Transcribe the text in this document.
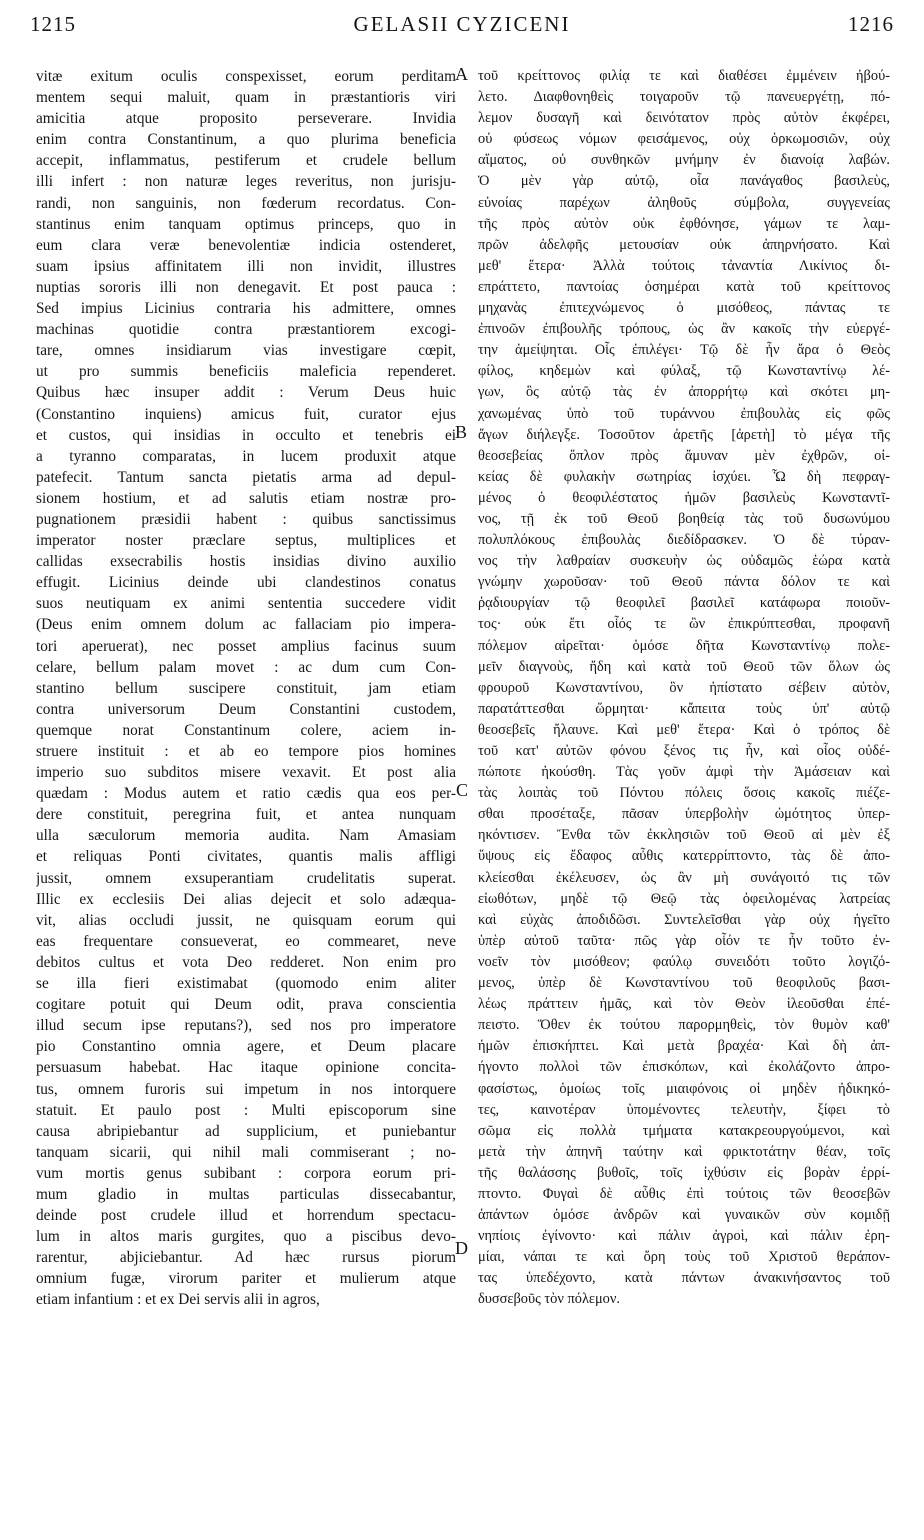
1215	GELASII CYZICENI	1216
vitæ exitum oculis conspexisset, eorum perditam
mentem sequi maluit, quam in præstantioris viri
amicitia atque proposito perseverare. Invidia
enim contra Constantinum, a quo plurima beneficia
accepit, inflammatus, pestiferum et crudele bellum
illi infert : non naturæ leges reveritus, non jurisju-
randi, non sanguinis, non fœderum recordatus. Con-
stantinus enim tanquam optimus princeps, quo in
eum clara veræ benevolentiæ indicia ostenderet,
suam ipsius affinitatem illi non invidit, illustres
nuptias sororis illi non denegavit. Et post pauca :
Sed impius Licinius contraria his admittere, omnes
machinas quotidie contra præstantiorem excogi-
tare, omnes insidiarum vias investigare cœpit,
ut pro summis beneficiis maleficia rependeret.
Quibus hæc insuper addit : Verum Deus huic
(Constantino inquiens) amicus fuit, curator ejus
et custos, qui insidias in occulto et tenebris ei
a tyranno comparatas, in lucem produxit atque
patefecit. Tantum sancta pietatis arma ad depul-
sionem hostium, et ad salutis etiam nostræ pro-
pugnationem præsidii habent : quibus sanctissimus
imperator noster præclare septus, multiplices et
callidas exsecrabilis hostis insidias divino auxilio
effugit. Licinius deinde ubi clandestinos conatus
suos neutiquam ex animi sententia succedere vidit
(Deus enim omnem dolum ac fallaciam pio impera-
tori aperuerat), nec posset amplius facinus suum
celare, bellum palam movet : ac dum cum Con-
stantino bellum suscipere constituit, jam etiam
contra universorum Deum Constantini custodem,
quemque norat Constantinum colere, aciem in-
struere instituit : et ab eo tempore pios homines
imperio suo subditos misere vexavit. Et post alia
quædam : Modus autem et ratio cædis qua eos per-
dere constituit, peregrina fuit, et antea nunquam
ulla sæculorum memoria audita. Nam Amasiam
et reliquas Ponti civitates, quantis malis affligi
jussit, omnem exsuperantiam crudelitatis superat.
Illic ex ecclesiis Dei alias dejecit et solo adæqua-
vit, alias occludi jussit, ne quisquam eorum qui
eas frequentare consueverat, eo commearet, neve
debitos cultus et vota Deo redderet. Non enim pro
se illa fieri existimabat (quomodo enim aliter
cogitare potuit qui Deum odit, prava conscientia
illud secum ipse reputans?), sed nos pro imperatore
pio Constantino omnia agere, et Deum placare
persuasum habebat. Hac itaque opinione concita-
tus, omnem furoris sui impetum in nos intorquere
statuit. Et paulo post : Multi episcoporum sine
causa abripiebantur ad supplicium, et puniebantur
tanquam sicarii, qui nihil mali commiserant ; no-
vum mortis genus subibant : corpora eorum pri-
mum gladio in multas particulas dissecabantur,
deinde post crudele illud et horrendum spectacu-
lum in altos maris gurgites, quo a piscibus devo-
rarentur, abjiciebantur. Ad hæc rursus piorum
omnium fugæ, virorum pariter et mulierum atque
etiam infantium : et ex Dei servis alii in agros,
A
B
C
D
τοῦ κρείττονος φιλίᾳ τε καὶ διαθέσει ἐμμένειν ἠβού-
λετο. Διαφθονηθεὶς τοιγαροῦν τῷ πανευεργέτῃ, πό-
λεμον δυσαγῆ καὶ δεινότατον πρὸς αὐτὸν ἐκφέρει,
οὐ φύσεως νόμων φεισάμενος, οὐχ ὁρκωμοσιῶν, οὐχ
αἵματος, οὐ συνθηκῶν μνήμην ἐν διανοίᾳ λαβών.
Ὁ μὲν γὰρ αὐτῷ, οἷα πανάγαθος βασιλεὺς,
εὐνοίας παρέχων ἀληθοῦς σύμβολα, συγγενείας
τῆς πρὸς αὐτὸν οὐκ ἐφθόνησε, γάμων τε λαμ-
πρῶν ἀδελφῆς μετουσίαν οὐκ ἀπηρνήσατο. Καὶ
μεθ' ἕτερα· Ἀλλὰ τούτοις τἀναντία Λικίνιος δι-
επράττετο, παντοίας ὁσημέραι κατὰ τοῦ κρείττονος
μηχανὰς ἐπιτεχνώμενος ὁ μισόθεος, πάντας τε
ἐπινοῶν ἐπιβουλῆς τρόπους, ὡς ἂν κακοῖς τὴν εὐεργέ-
την ἀμείψηται. Οἷς ἐπιλέγει· Τῷ δὲ ἦν ἄρα ὁ Θεὸς
φίλος, κηδεμὼν καὶ φύλαξ, τῷ Κωνσταντίνῳ λέ-
γων, ὃς αὐτῷ τὰς ἐν ἀπορρήτῳ καὶ σκότει μη-
χανωμένας ὑπὸ τοῦ τυράννου ἐπιβουλὰς εἰς φῶς
ἄγων διήλεγξε. Τοσοῦτον ἀρετῆς [ἀρετὴ] τὸ μέγα τῆς
θεοσεβείας ὅπλον πρὸς ἄμυναν μὲν ἐχθρῶν, οἰ-
κείας δὲ φυλακὴν σωτηρίας ἰσχύει. Ὧ δὴ πεφραγ-
μένος ὁ θεοφιλέστατος ἡμῶν βασιλεὺς Κωνσταντῖ-
νος, τῇ ἐκ τοῦ Θεοῦ βοηθείᾳ τὰς τοῦ δυσωνύμου
πολυπλόκους ἐπιβουλὰς διεδίδρασκεν. Ὁ δὲ τύραν-
νος τὴν λαθραίαν συσκευὴν ὡς οὐδαμῶς ἑώρα κατὰ
γνώμην χωροῦσαν· τοῦ Θεοῦ πάντα δόλον τε καὶ
ῥᾳδιουργίαν τῷ θεοφιλεῖ βασιλεῖ κατάφωρα ποιοῦν-
τος· οὐκ ἔτι οἷός τε ὢν ἐπικρύπτεσθαι, προφανῆ
πόλεμον αἱρεῖται· ὁμόσε δῆτα Κωνσταντίνῳ πολε-
μεῖν διαγνοὺς, ἤδη καὶ κατὰ τοῦ Θεοῦ τῶν ὅλων ὡς
φρουροῦ Κωνσταντίνου, ὃν ἠπίστατο σέβειν αὐτὸν,
παρατάττεσθαι ὥρμηται· κἄπειτα τοὺς ὑπ' αὐτῷ
θεοσεβεῖς ἤλαυνε. Καὶ μεθ' ἕτερα· Καὶ ὁ τρόπος δὲ
τοῦ κατ' αὐτῶν φόνου ξένος τις ἦν, καὶ οἷος οὐδέ-
πώποτε ἠκούσθη. Τὰς γοῦν ἀμφὶ τὴν Ἀμάσειαν καὶ
τὰς λοιπὰς τοῦ Πόντου πόλεις ὅσοις κακοῖς πιέζε-
σθαι προσέταξε, πᾶσαν ὑπερβολὴν ὠμότητος ὑπερ-
ηκόντισεν. Ἔνθα τῶν ἐκκλησιῶν τοῦ Θεοῦ αἱ μὲν ἐξ
ὕψους εἰς ἔδαφος αὖθις κατερρίπτοντο, τὰς δὲ ἀπο-
κλείεσθαι ἐκέλευσεν, ὡς ἂν μὴ συνάγοιτό τις τῶν
εἰωθότων, μηδὲ τῷ Θεῷ τὰς ὀφειλομένας λατρείας
καὶ εὐχὰς ἀποδιδῶσι. Συντελεῖσθαι γὰρ οὐχ ἡγεῖτο
ὑπὲρ αὐτοῦ ταῦτα· πῶς γὰρ οἷόν τε ἦν τοῦτο ἐν-
νοεῖν τὸν μισόθεον; φαύλῳ συνειδότι τοῦτο λογιζό-
μενος, ὑπὲρ δὲ Κωνσταντίνου τοῦ θεοφιλοῦς βασι-
λέως πράττειν ἡμᾶς, καὶ τὸν Θεὸν ἱλεοῦσθαι ἐπέ-
πειστο. Ὅθεν ἐκ τούτου παρορμηθεὶς, τὸν θυμὸν καθ'
ἡμῶν ἐπισκήπτει. Καὶ μετὰ βραχέα· Καὶ δὴ ἀπ-
ήγοντο πολλοὶ τῶν ἐπισκόπων, καὶ ἐκολάζοντο ἀπρο-
φασίστως, ὁμοίως τοῖς μιαιφόνοις οἱ μηδὲν ἠδικηκό-
τες, καινοτέραν ὑπομένοντες τελευτὴν, ξίφει τὸ
σῶμα εἰς πολλὰ τμήματα κατακρεουργούμενοι, καὶ
μετὰ τὴν ἀπηνῆ ταύτην καὶ φρικτοτάτην θέαν, τοῖς
τῆς θαλάσσης βυθοῖς, τοῖς ἰχθύσιν εἰς βορὰν ἐρρί-
πτοντο. Φυγαὶ δὲ αὖθις ἐπὶ τούτοις τῶν θεοσεβῶν
ἁπάντων ὁμόσε ἀνδρῶν καὶ γυναικῶν σὺν κομιδῇ
νηπίοις ἐγίνοντο· καὶ πάλιν ἀγροὶ, καὶ πάλιν ἐρη-
μίαι, νάπαι τε καὶ ὄρη τοὺς τοῦ Χριστοῦ θεράπον-
τας ὑπεδέχοντο, κατὰ πάντων ἀνακινήσαντος τοῦ
δυσσεβοῦς τὸν πόλεμον.
